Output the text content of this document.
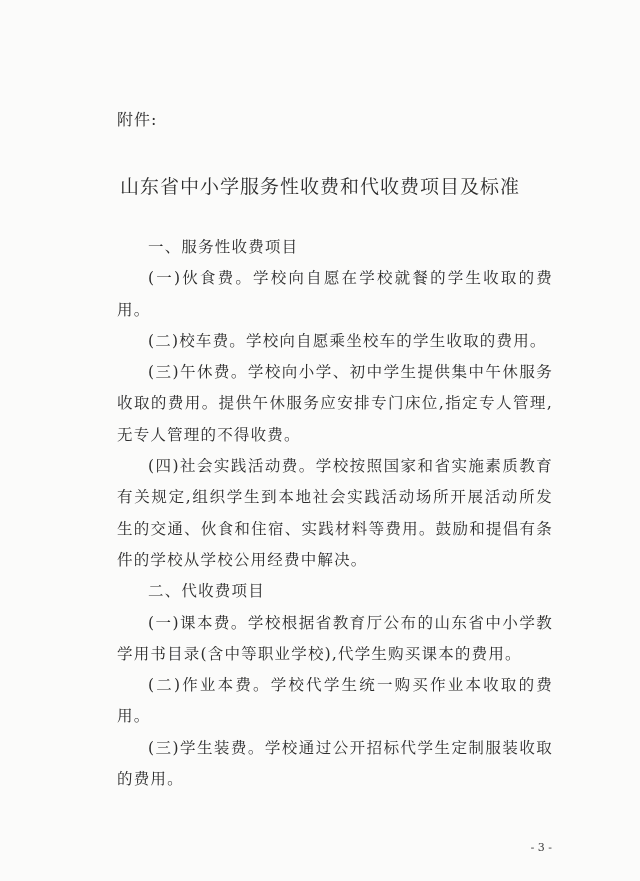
附件:
山东省中小学服务性收费和代收费项目及标准

一、服务性收费项目

(一)伙食费。学校向自愿在学校就餐的学生收取的费用。

(二)校车费。学校向自愿乘坐校车的学生收取的费用。

(三)午休费。学校向小学、初中学生提供集中午休服务收取的费用。提供午休服务应安排专门床位,指定专人管理,无专人管理的不得收费。

(四)社会实践活动费。学校按照国家和省实施素质教育有关规定,组织学生到本地社会实践活动场所开展活动所发生的交通、伙食和住宿、实践材料等费用。鼓励和提倡有条件的学校从学校公用经费中解决。

二、代收费项目

(一)课本费。学校根据省教育厅公布的山东省中小学教学用书目录(含中等职业学校),代学生购买课本的费用。

(二)作业本费。学校代学生统一购买作业本收取的费用。

(三)学生装费。学校通过公开招标代学生定制服装收取的费用。

- 3 -
